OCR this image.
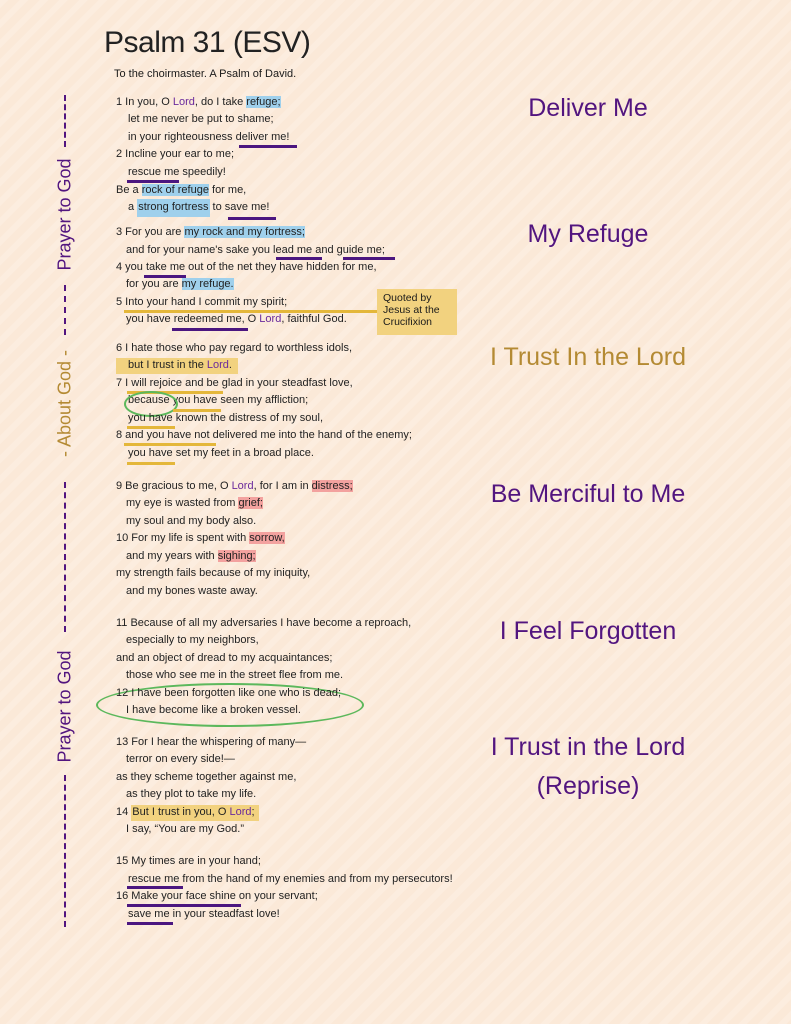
Psalm 31 (ESV)
To the choirmaster. A Psalm of David.
Prayer to God
- About God -
Prayer to God
Deliver Me
My Refuge
I Trust In the Lord
Be Merciful to Me
I Feel Forgotten
I Trust in the Lord
(Reprise)
1 In you, O Lord, do I take refuge;
let me never be put to shame;
in your righteousness deliver me!
2 Incline your ear to me;
rescue me speedily!
Be a rock of refuge for me,
a strong fortress to save me!
3 For you are my rock and my fortress;
and for your name's sake you lead me and guide me;
4 you take me out of the net they have hidden for me,
for you are my refuge.
5 Into your hand I commit my spirit;
you have redeemed me, O Lord, faithful God.
Quoted by Jesus at the Crucifixion
6 I hate those who pay regard to worthless idols,
but I trust in the Lord.
7 I will rejoice and be glad in your steadfast love,
because you have seen my affliction;
you have known the distress of my soul,
8 and you have not delivered me into the hand of the enemy;
you have set my feet in a broad place.
9 Be gracious to me, O Lord, for I am in distress;
my eye is wasted from grief;
my soul and my body also.
10 For my life is spent with sorrow,
and my years with sighing;
my strength fails because of my iniquity,
and my bones waste away.
11 Because of all my adversaries I have become a reproach,
especially to my neighbors,
and an object of dread to my acquaintances;
those who see me in the street flee from me.
12 I have been forgotten like one who is dead;
I have become like a broken vessel.
13 For I hear the whispering of many—
terror on every side!—
as they scheme together against me,
as they plot to take my life.
14 But I trust in you, O Lord;
I say, “You are my God.”
15 My times are in your hand;
rescue me from the hand of my enemies and from my persecutors!
16 Make your face shine on your servant;
save me in your steadfast love!
